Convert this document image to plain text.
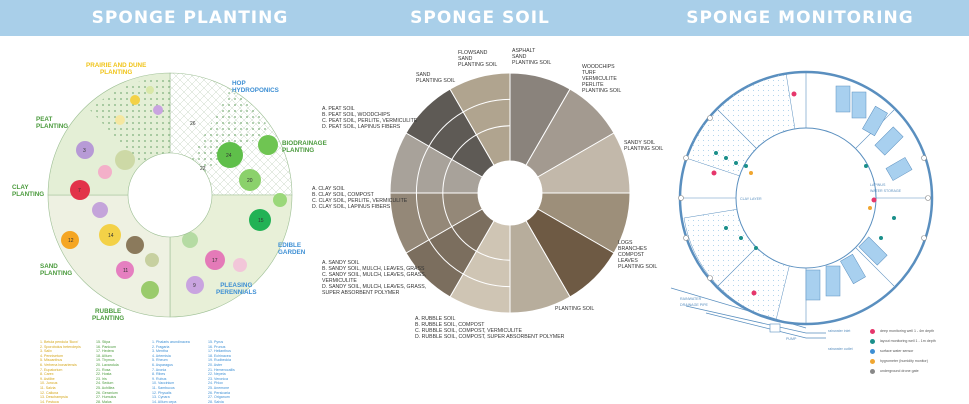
SPONGE PLANTING	SPONGE SOIL	SPONGE MONITORING
3
7
12
14
11
24
15
20
17
9
26
22
PRAIRIE AND DUNE
PLANTING
HOP
HYDROPONICS
BIODRAINAGE
PLANTING
EDIBLE
GARDEN
PLEASING
PERENNIALS
RUBBLE
PLANTING
SAND
PLANTING
CLAY
PLANTING
PEAT
PLANTING
1. Betula pendula 'Buxx'
2. Sporobolus heterolepis
3. Salix
4. Pennisetum
5. Miscanthus
6. Verbena bonariensis
7. Eupatorium
8. Carex
9. Astilbe
10. Juncus
11. Salvia
12. Calluna
13. Deschampsia
14. Festuca
15. Stipa
16. Panicum
17. Hedera
18. Allium
19. Thymus
20. Lavandula
21. Rosa
22. Hosta
23. Iris
24. Sedum
25. Achillea
26. Geranium
27. Humulus
28. Malus
1. Phalaris arundinacea
2. Fragaria
3. Mentha
4. Artemisia
5. Rheum
6. Asparagus
7. Aronia
8. Ribes
9. Rubus
10. Vaccinium
11. Sambucus
12. Physalis
13. Cynara
14. Allium cepa
15. Pyrus
16. Prunus
17. Helianthus
18. Echinacea
19. Rudbeckia
20. Aster
21. Hemerocallis
22. Nepeta
23. Veronica
24. Phlox
25. Anemone
26. Persicaria
27. Origanum
28. Salvia
SAND
PLANTING SOIL
FLOWSAND
SAND
PLANTING SOIL
ASPHALT
SAND
PLANTING SOIL
WOODCHIPS
TURF
VERMICULITE
PERLITE
PLANTING SOIL
SANDY SOIL
PLANTING SOIL
LOGS
BRANCHES
COMPOST
LEAVES
PLANTING SOIL
PLANTING SOIL
A. PEAT SOIL
B. PEAT SOIL, WOODCHIPS
C. PEAT SOIL, PERLITE, VERMICULITE
D. PEAT SOIL, LAPINUS FIBERS
A. CLAY SOIL
B. CLAY SOIL, COMPOST
C. CLAY SOIL, PERLITE, VERMICULITE
D. CLAY SOIL, LAPINUS FIBERS
A. SANDY SOIL
B. SANDY SOIL, MULCH, LEAVES, GRASS
C. SANDY SOIL, MULCH, LEAVES, GRASS,
VERMICULITE
D. SANDY SOIL, MULCH, LEAVES, GRASS,
SUPER ABSORBENT POLYMER
A. RUBBLE SOIL
B. RUBBLE SOIL, COMPOST
C. RUBBLE SOIL, COMPOST, VERMICULITE
D. RUBBLE SOIL, COMPOST, SUPER ABSORBENT POLYMER
CLAY LAYER
LAPINUS
WATER STORAGE
RAINWATER
DRAINAGE PIPE
PUMP
rainwater inlet
rainwater outlet
deep monitoring well 1 - 4m depth
layout monitoring well 1 - 1m depth
surface water sensor
hygrometer (humidity monitor)
underground drone gate
